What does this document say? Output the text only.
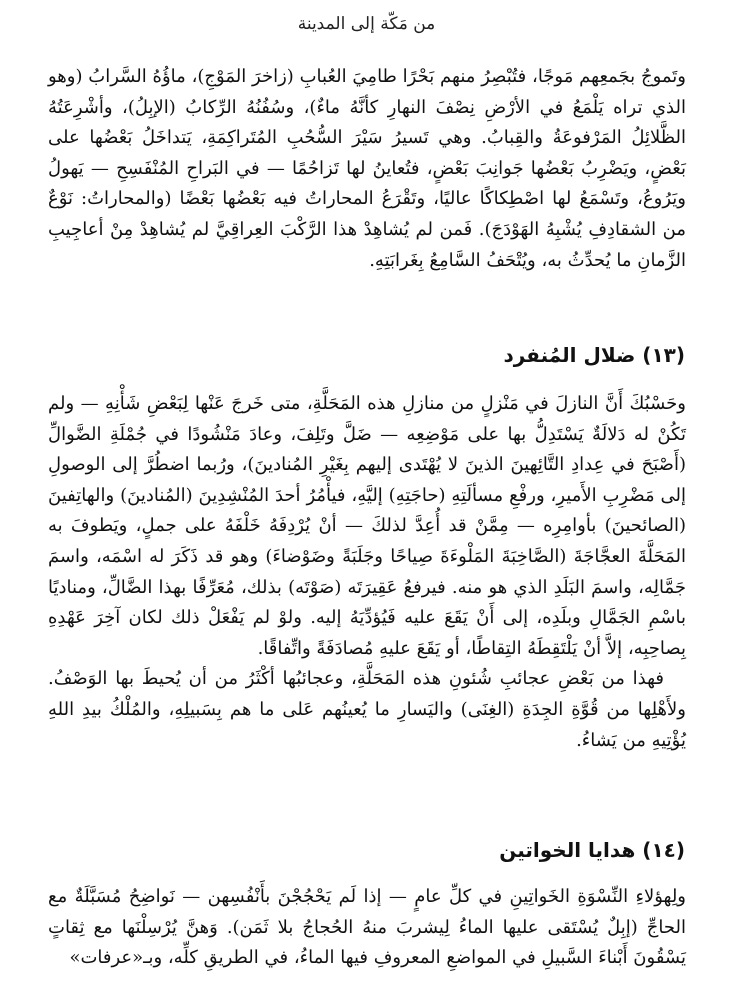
من مَكّة إلى المدينة

وتَموجُ بجَمعِهم مَوجًا، فتُبْصِرُ منهم بَحْرًا طامِيَ العُبابِ (زاخرَ المَوْجِ)، ماؤُهُ السَّرابُ (وهو الذي تراه يَلْمَعُ في الأرْضِ نِصْفَ النهارِ كأنَّهُ ماءٌ)، وسُفُنُهُ الرِّكابُ (الإبِلُ)، وأشْرِعَتُهُ الظَّلائِلُ المَرْفوعَةُ والقِبابُ. وهي تَسيرُ سَيْرَ السُّحُبِ المُتَراكِمَةِ، يَتداخَلُ بَعْضُها على بَعْضٍ، ويَضْرِبُ بَعْضُها جَوانِبَ بَعْضٍ، فتُعاينُ لها تَزاحُمًا — في البَراحِ المُنْفَسِحِ — يَهولُ ويَرُوعُ، وتَسْمَعُ لها اصْطِكاكًا عاليًا، وتَقْرَعُ المحاراتُ فيه بَعْضُها بَعْضًا (والمحاراتُ: نَوْعٌ من الشقادِفِ يُشْبِهُ الهَوْدَجَ). فَمن لم يُشاهِدْ هذا الرَّكْبَ العِراقِيَّ لم يُشاهِدْ مِنْ أعاجِيبِ الزَّمانِ ما يُحدِّثُ به، ويُتْحَفُ السَّامِعُ بِغَرابَتِهِ.

(١٣) ضلال المُنفرد

وحَسْبُكَ أَنَّ النازلَ في مَنْزلٍ من منازلِ هذه المَحَلَّةِ، متى خَرجَ عَنْها لِبَعْضِ شَأْنِهِ — ولم تَكُنْ له دَلالَةٌ يَسْتَدِلُّ بها على مَوْضِعِه — ضَلَّ وتَلِفَ، وعادَ مَنْشُودًا في جُمْلَةِ الضَّوالِّ (أَصْبَحَ في عِدادِ التَّائِهينَ الذينَ لا يُهْتَدى إليهم بِغَيْرِ المُنادينَ)، ورُبما اضطُرَّ إلى الوصولِ إلى مَضْرِبِ الأَميرِ، ورفْعِ مسألَتِهِ (حاجَتِهِ) إليَّهِ، فيأْمُرُ أحدَ المُنْشِدِينَ (المُنادينَ) والهاتِفينَ (الصائحينَ) بأوامِرِه — مِمَّنْ قد أُعِدَّ لذلكَ — أنْ يُرْدِفَهُ خَلْفَهُ على جملٍ، ويَطوفَ به المَحَلَّةَ العجَّاجَةَ (الصَّاخِبَةَ المَلْوءَةَ صِياحًا وجَلَبَةً وضَوْضاءَ) وهو قد ذَكَرَ له اسْمَه، واسمَ جَمَّالِه، واسمَ البَلَدِ الذي هو منه. فيرفعُ عَقِيرَتَه (صَوْتَه) بذلك، مُعَرِّفًا بهذا الضَّالِّ، ومناديًا باسْمِ الجَمَّالِ وبلَدِه، إلى أَنْ يَقَعَ عليه فَيُؤدِّيَهُ إليه. ولوْ لم يَفْعَلْ ذلك لكان آخِرَ عَهْدِهِ بِصاحِبِه، إلاَّ أنْ يَلْتَقِطَهُ التِقاطًا، أو يَقَعَ عليهِ مُصادَفَةً واتِّفاقًا.

فهذا من بَعْضِ عجائبِ شُئونِ هذه المَحَلَّةِ، وعجائبُها أكْثَرُ من أن يُحيطَ بها الوَصْفُ. ولأَهْلِها من قُوَّةِ الجِدَةِ (الغِنَى) واليَسارِ ما يُعينُهم عَلى ما هم بِسَبيلِهِ، والمُلْكُ بيدِ اللهِ يُؤْتِيهِ من يَشاءُ.

(١٤) هدايا الخواتين

ولِهؤلاءِ النِّسْوَةِ الخَواتِينِ في كلِّ عامٍ — إذا لَم يَحْجُجْنَ بأَنْفُسِهن — نَواضِحُ مُسَبَّلَةٌ مع الحاجِّ (إبِلٌ يُسْتَقى عليها الماءُ لِيشربَ منهُ الحُجاجُ بلا ثَمَن). وَهنَّ يُرْسِلْنَها مع ثِقاتٍ يَسْقُونَ أَبْناءَ السَّبيلِ في المواضعِ المعروفِ فيها الماءُ، في الطريقِ كلِّه، وبـ«عرفات»
